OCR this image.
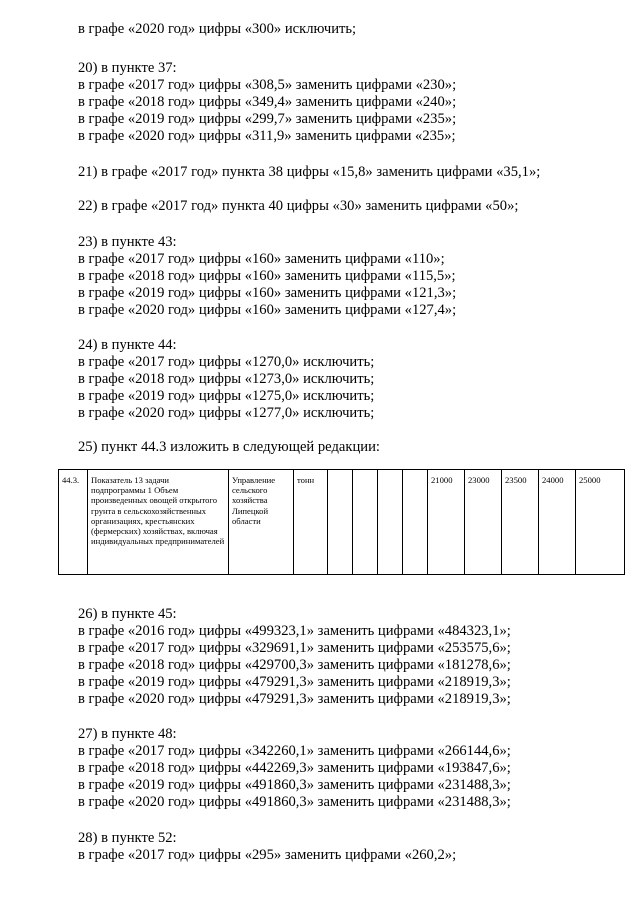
в графе «2020 год» цифры «300» исключить;
20) в пункте 37:
в графе «2017 год» цифры «308,5» заменить цифрами «230»;
в графе «2018 год» цифры «349,4» заменить цифрами «240»;
в графе «2019 год» цифры «299,7» заменить цифрами «235»;
в графе «2020 год» цифры «311,9» заменить цифрами «235»;
21) в графе «2017 год» пункта 38 цифры «15,8» заменить цифрами «35,1»;
22) в графе «2017 год» пункта 40 цифры «30» заменить цифрами «50»;
23) в пункте 43:
в графе «2017 год» цифры «160» заменить цифрами «110»;
в графе «2018 год» цифры «160» заменить цифрами «115,5»;
в графе «2019 год» цифры «160» заменить цифрами «121,3»;
в графе «2020 год» цифры «160» заменить цифрами «127,4»;
24) в пункте 44:
в графе «2017 год» цифры «1270,0» исключить;
в графе «2018 год» цифры «1273,0» исключить;
в графе «2019 год» цифры «1275,0» исключить;
в графе «2020 год» цифры «1277,0» исключить;
25) пункт 44.3 изложить в следующей редакции:
44.3.	Показатель 13 задачи подпрограммы 1 Объем произведенных овощей открытого грунта в сельскохозяйственных организациях, крестьянских (фермерских) хозяйствах, включая индивидуальных предпринимателей	Управление сельского хозяйства Липецкой области	тонн					21000	23000	23500	24000	25000
26) в пункте 45:
в графе «2016 год» цифры «499323,1» заменить цифрами «484323,1»;
в графе «2017 год» цифры «329691,1» заменить цифрами «253575,6»;
в графе «2018 год» цифры «429700,3» заменить цифрами «181278,6»;
в графе «2019 год» цифры «479291,3» заменить цифрами «218919,3»;
в графе «2020 год» цифры «479291,3» заменить цифрами «218919,3»;
27) в пункте 48:
в графе «2017 год» цифры «342260,1» заменить цифрами «266144,6»;
в графе «2018 год» цифры «442269,3» заменить цифрами «193847,6»;
в графе «2019 год» цифры «491860,3» заменить цифрами «231488,3»;
в графе «2020 год» цифры «491860,3» заменить цифрами «231488,3»;
28) в пункте 52:
в графе «2017 год» цифры «295» заменить цифрами «260,2»;
